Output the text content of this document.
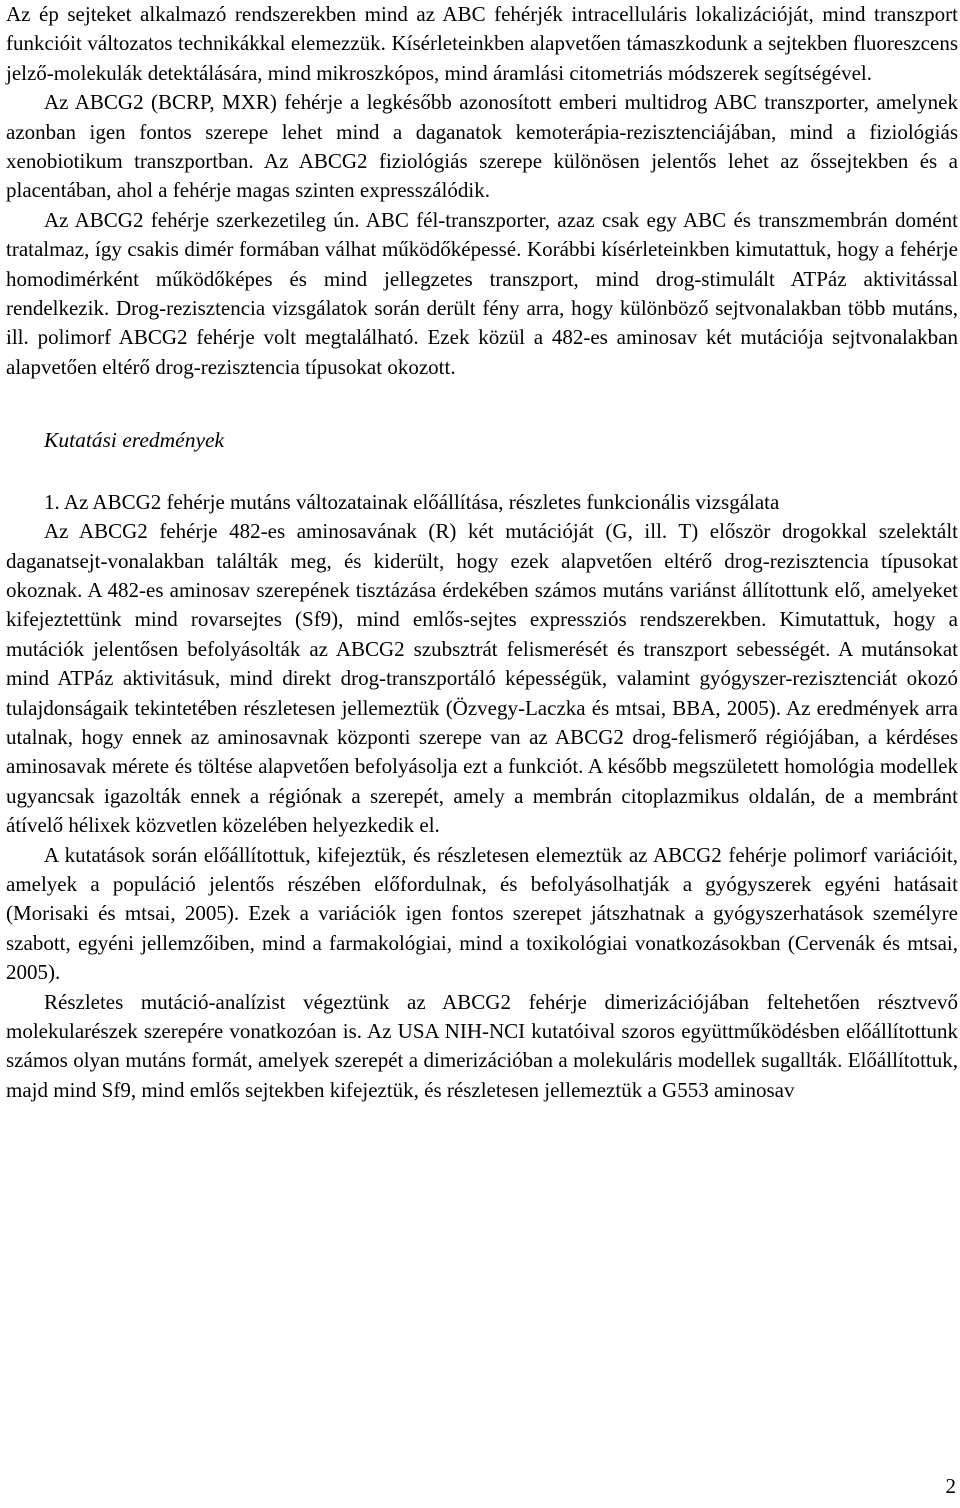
Az ép sejteket alkalmazó rendszerekben mind az ABC fehérjék intracelluláris lokalizációját, mind transzport funkcióit változatos technikákkal elemezzük. Kísérleteinkben alapvetően támaszkodunk a sejtekben fluoreszcens jelző-molekulák detektálására, mind mikroszkópos, mind áramlási citometriás módszerek segítségével.

Az ABCG2 (BCRP, MXR) fehérje a legkésőbb azonosított emberi multidrog ABC transzporter, amelynek azonban igen fontos szerepe lehet mind a daganatok kemoterápia-rezisztenciájában, mind a fiziológiás xenobiotikum transzportban. Az ABCG2 fiziológiás szerepe különösen jelentős lehet az őssejtekben és a placentában, ahol a fehérje magas szinten expresszálódik.

Az ABCG2 fehérje szerkezetileg ún. ABC fél-transzporter, azaz csak egy ABC és transzmembrán domént tratalmaz, így csakis dimér formában válhat működőképessé. Korábbi kísérleteinkben kimutattuk, hogy a fehérje homodimérként működőképes és mind jellegzetes transzport, mind drog-stimulált ATPáz aktivitással rendelkezik. Drog-rezisztencia vizsgálatok során derült fény arra, hogy különböző sejtvonalakban több mutáns, ill. polimorf ABCG2 fehérje volt megtalálható. Ezek közül a 482-es aminosav két mutációja sejtvonalakban alapvetően eltérő drog-rezisztencia típusokat okozott.

Kutatási eredmények

1. Az ABCG2 fehérje mutáns változatainak előállítása, részletes funkcionális vizsgálata

Az ABCG2 fehérje 482-es aminosavának (R) két mutációját (G, ill. T) először drogokkal szelektált daganatsejt-vonalakban találták meg, és kiderült, hogy ezek alapvetően eltérő drog-rezisztencia típusokat okoznak. A 482-es aminosav szerepének tisztázása érdekében számos mutáns variánst állítottunk elő, amelyeket kifejeztettünk mind rovarsejtes (Sf9), mind emlős-sejtes expressziós rendszerekben. Kimutattuk, hogy a mutációk jelentősen befolyásolták az ABCG2 szubsztrát felismerését és transzport sebességét. A mutánsokat mind ATPáz aktivitásuk, mind direkt drog-transzportáló képességük, valamint gyógyszer-rezisztenciát okozó tulajdonságaik tekintetében részletesen jellemeztük (Özvegy-Laczka és mtsai, BBA, 2005). Az eredmények arra utalnak, hogy ennek az aminosavnak központi szerepe van az ABCG2 drog-felismerő régiójában, a kérdéses aminosavak mérete és töltése alapvetően befolyásolja ezt a funkciót. A később megszületett homológia modellek ugyancsak igazolták ennek a régiónak a szerepét, amely a membrán citoplazmikus oldalán, de a membránt átívelő hélixek közvetlen közelében helyezkedik el.

A kutatások során előállítottuk, kifejeztük, és részletesen elemeztük az ABCG2 fehérje polimorf variációit, amelyek a populáció jelentős részében előfordulnak, és befolyásolhatják a gyógyszerek egyéni hatásait (Morisaki és mtsai, 2005). Ezek a variációk igen fontos szerepet játszhatnak a gyógyszerhatások személyre szabott, egyéni jellemzőiben, mind a farmakológiai, mind a toxikológiai vonatkozásokban (Cervenák és mtsai, 2005).

Részletes mutáció-analízist végeztünk az ABCG2 fehérje dimerizációjában feltehetően résztvevő molekularészek szerepére vonatkozóan is. Az USA NIH-NCI kutatóival szoros együttműködésben előállítottunk számos olyan mutáns formát, amelyek szerepét a dimerizációban a molekuláris modellek sugallták. Előállítottuk, majd mind Sf9, mind emlős sejtekben kifejeztük, és részletesen jellemeztük a G553 aminosav

2
